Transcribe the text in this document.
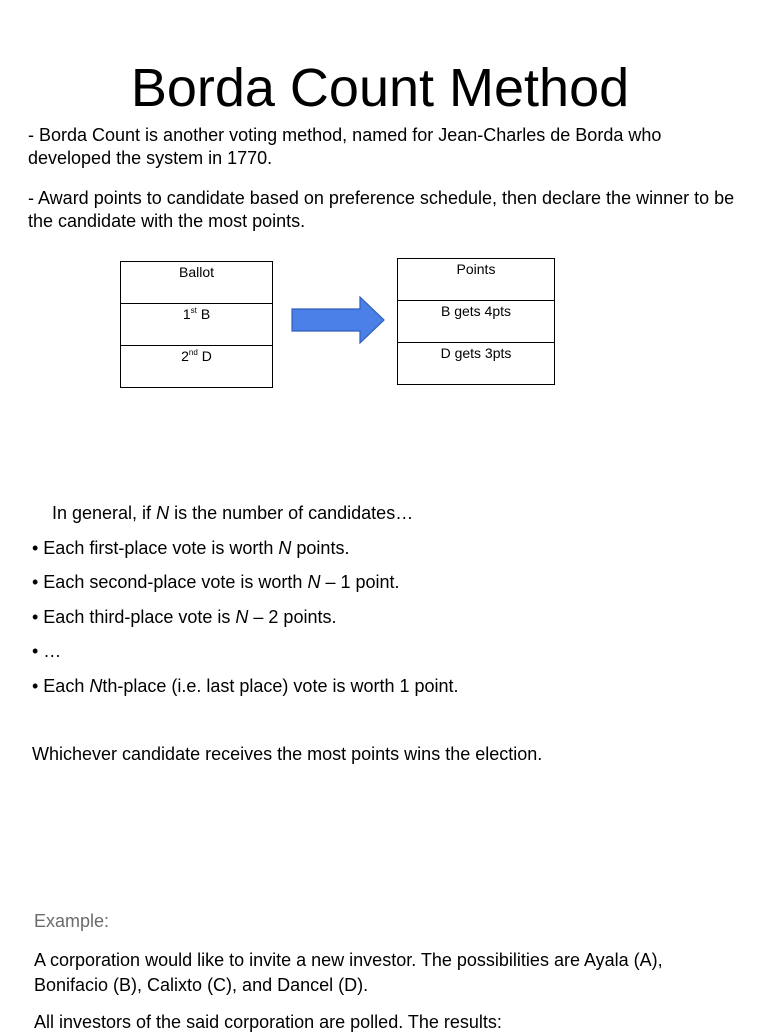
Borda Count Method

- Borda Count is another voting method, named for Jean-Charles de Borda who developed the system in 1770.

- Award points to candidate based on preference schedule, then declare the winner to be the candidate with the most points.

Ballot
1st B
2nd D
Points
B gets 4pts
D gets 3pts
In general, if N is the number of candidates…
• Each first-place vote is worth N points.
• Each second-place vote is worth N – 1 point.
• Each third-place vote is N – 2 points.
• …
• Each Nth-place (i.e. last place) vote is worth 1 point.
Whichever candidate receives the most points wins the election.
Example:
A corporation would like to invite a new investor. The possibilities are Ayala (A), Bonifacio (B), Calixto (C), and Dancel (D).
All investors of the said corporation are polled. The results:
